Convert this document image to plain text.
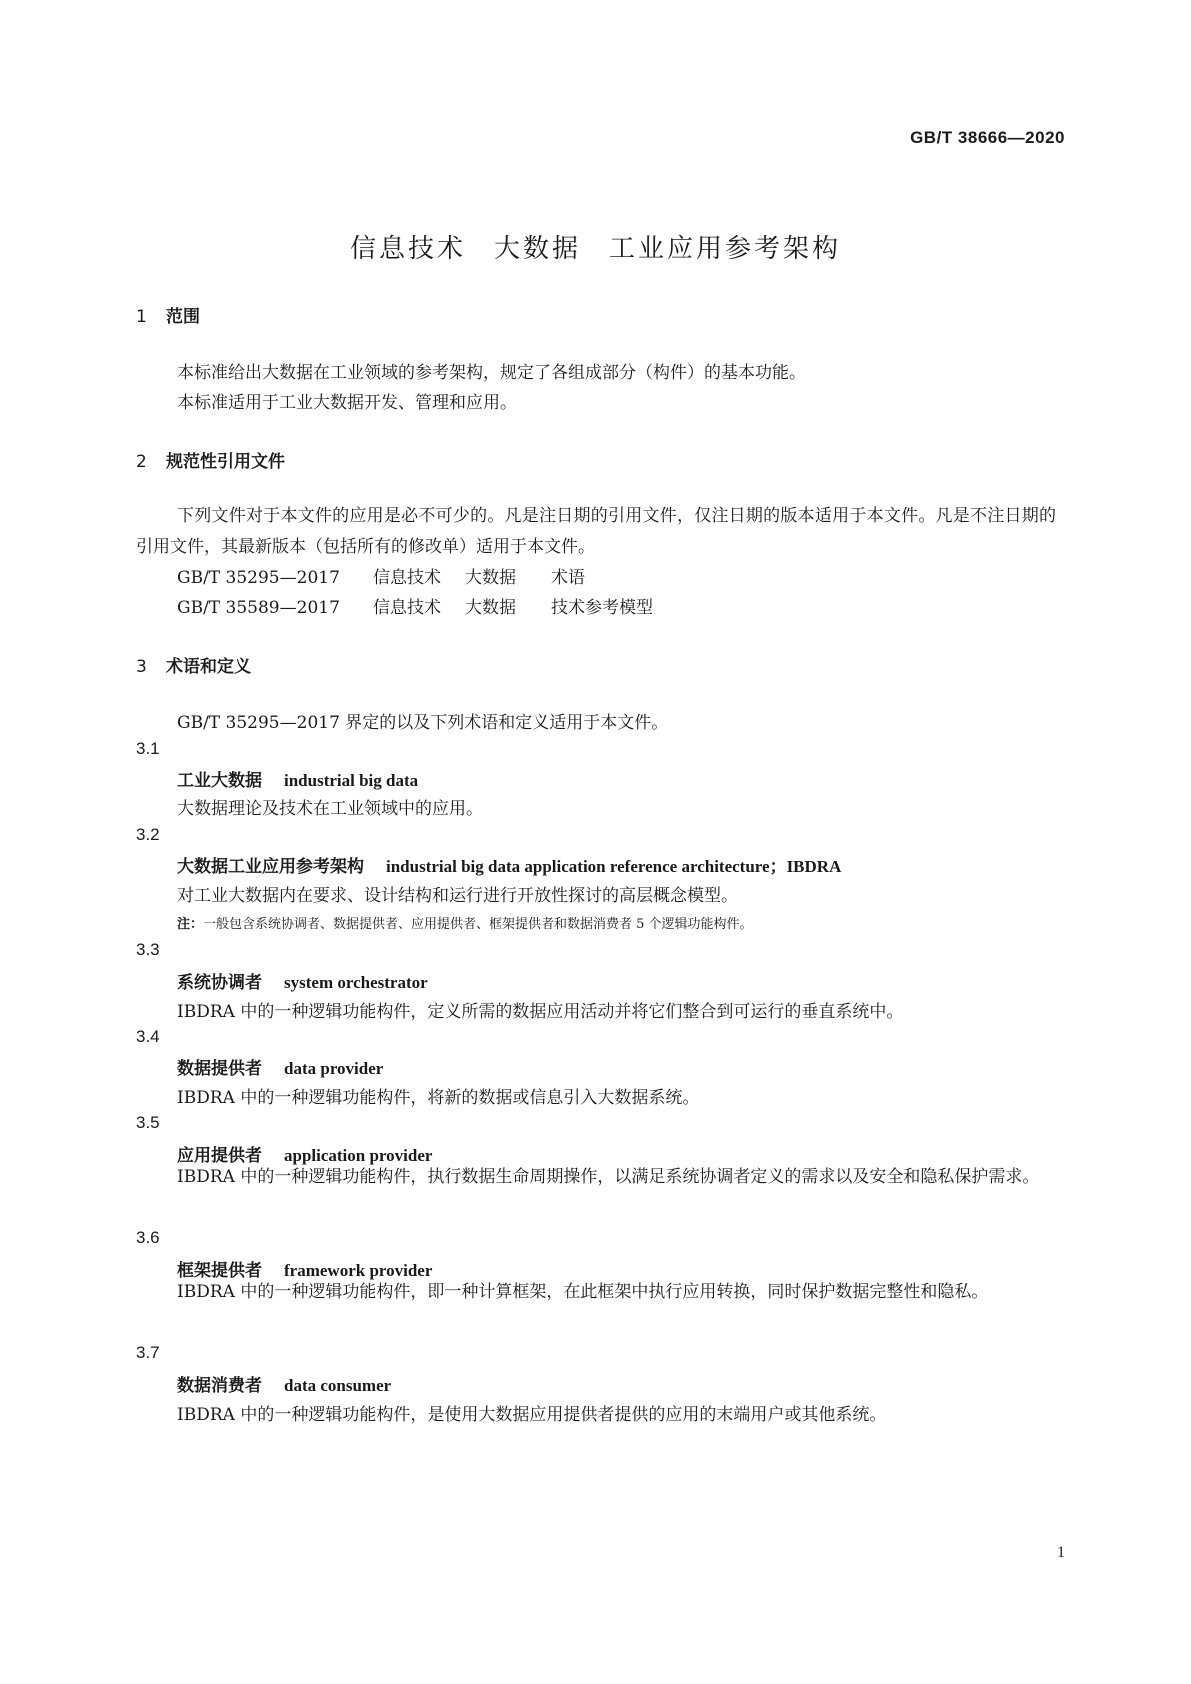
GB/T 38666—2020
信息技术 大数据 工业应用参考架构
1 范围
本标准给出大数据在工业领域的参考架构，规定了各组成部分（构件）的基本功能。
本标准适用于工业大数据开发、管理和应用。
2 规范性引用文件
下列文件对于本文件的应用是必不可少的。凡是注日期的引用文件，仅注日期的版本适用于本文件。凡是不注日期的引用文件，其最新版本（包括所有的修改单）适用于本文件。
GB/T 35295—2017 信息技术 大数据 术语
GB/T 35589—2017 信息技术 大数据 技术参考模型
3 术语和定义
GB/T 35295—2017 界定的以及下列术语和定义适用于本文件。
3.1
工业大数据 industrial big data
大数据理论及技术在工业领域中的应用。
3.2
大数据工业应用参考架构 industrial big data application reference architecture；IBDRA
对工业大数据内在要求、设计结构和运行进行开放性探讨的高层概念模型。
注：一般包含系统协调者、数据提供者、应用提供者、框架提供者和数据消费者 5 个逻辑功能构件。
3.3
系统协调者 system orchestrator
IBDRA 中的一种逻辑功能构件，定义所需的数据应用活动并将它们整合到可运行的垂直系统中。
3.4
数据提供者 data provider
IBDRA 中的一种逻辑功能构件，将新的数据或信息引入大数据系统。
3.5
应用提供者 application provider
IBDRA 中的一种逻辑功能构件，执行数据生命周期操作，以满足系统协调者定义的需求以及安全和隐私保护需求。
3.6
框架提供者 framework provider
IBDRA 中的一种逻辑功能构件，即一种计算框架，在此框架中执行应用转换，同时保护数据完整性和隐私。
3.7
数据消费者 data consumer
IBDRA 中的一种逻辑功能构件，是使用大数据应用提供者提供的应用的末端用户或其他系统。
1
